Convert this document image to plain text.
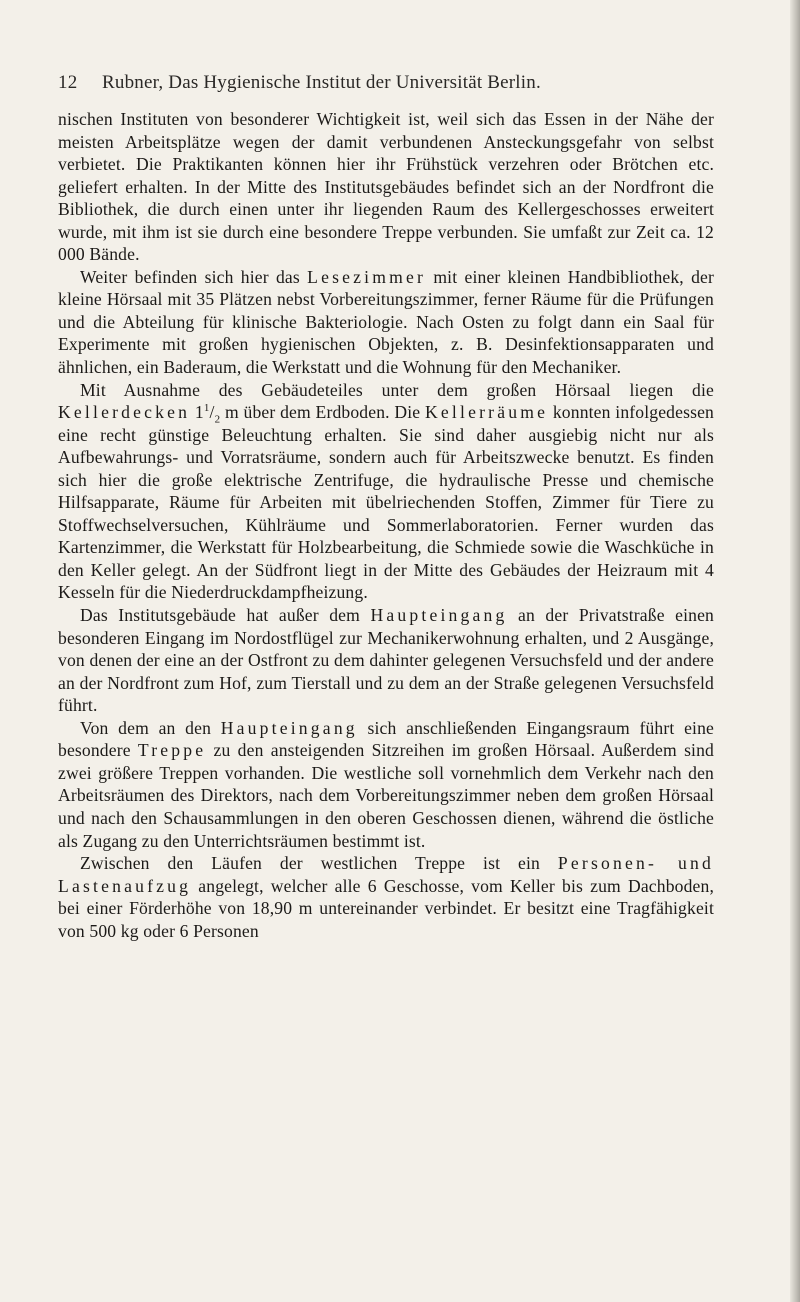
12 Rubner, Das Hygienische Institut der Universität Berlin.

nischen Instituten von besonderer Wichtigkeit ist, weil sich das Essen in der Nähe der meisten Arbeitsplätze wegen der damit verbundenen Ansteckungsgefahr von selbst verbietet. Die Praktikanten können hier ihr Frühstück verzehren oder Brötchen etc. geliefert erhalten. In der Mitte des Institutsgebäudes befindet sich an der Nordfront die Bibliothek, die durch einen unter ihr liegenden Raum des Kellergeschosses erweitert wurde, mit ihm ist sie durch eine besondere Treppe verbunden. Sie umfaßt zur Zeit ca. 12 000 Bände.

Weiter befinden sich hier das Lesezimmer mit einer kleinen Handbibliothek, der kleine Hörsaal mit 35 Plätzen nebst Vorbereitungszimmer, ferner Räume für die Prüfungen und die Abteilung für klinische Bakteriologie. Nach Osten zu folgt dann ein Saal für Experimente mit großen hygienischen Objekten, z. B. Desinfektionsapparaten und ähnlichen, ein Baderaum, die Werkstatt und die Wohnung für den Mechaniker.

Mit Ausnahme des Gebäudeteiles unter dem großen Hörsaal liegen die Kellerdecken $1^1/_2$ m über dem Erdboden. Die Kellerräume konnten infolgedessen eine recht günstige Beleuchtung erhalten. Sie sind daher ausgiebig nicht nur als Aufbewahrungs- und Vorratsräume, sondern auch für Arbeitszwecke benutzt. Es finden sich hier die große elektrische Zentrifuge, die hydraulische Presse und chemische Hilfsapparate, Räume für Arbeiten mit übelriechenden Stoffen, Zimmer für Tiere zu Stoffwechselversuchen, Kühlräume und Sommerlaboratorien. Ferner wurden das Kartenzimmer, die Werkstatt für Holzbearbeitung, die Schmiede sowie die Waschküche in den Keller gelegt. An der Südfront liegt in der Mitte des Gebäudes der Heizraum mit 4 Kesseln für die Niederdruckdampfheizung.

Das Institutsgebäude hat außer dem Haupteingang an der Privatstraße einen besonderen Eingang im Nordostflügel zur Mechanikerwohnung erhalten, und 2 Ausgänge, von denen der eine an der Ostfront zu dem dahinter gelegenen Versuchsfeld und der andere an der Nordfront zum Hof, zum Tierstall und zu dem an der Straße gelegenen Versuchsfeld führt.

Von dem an den Haupteingang sich anschließenden Eingangsraum führt eine besondere Treppe zu den ansteigenden Sitzreihen im großen Hörsaal. Außerdem sind zwei größere Treppen vorhanden. Die westliche soll vornehmlich dem Verkehr nach den Arbeitsräumen des Direktors, nach dem Vorbereitungszimmer neben dem großen Hörsaal und nach den Schausammlungen in den oberen Geschossen dienen, während die östliche als Zugang zu den Unterrichtsräumen bestimmt ist.

Zwischen den Läufen der westlichen Treppe ist ein Personen- und Lastenaufzug angelegt, welcher alle 6 Geschosse, vom Keller bis zum Dachboden, bei einer Förderhöhe von 18,90 m untereinander verbindet. Er besitzt eine Tragfähigkeit von 500 kg oder 6 Personen
